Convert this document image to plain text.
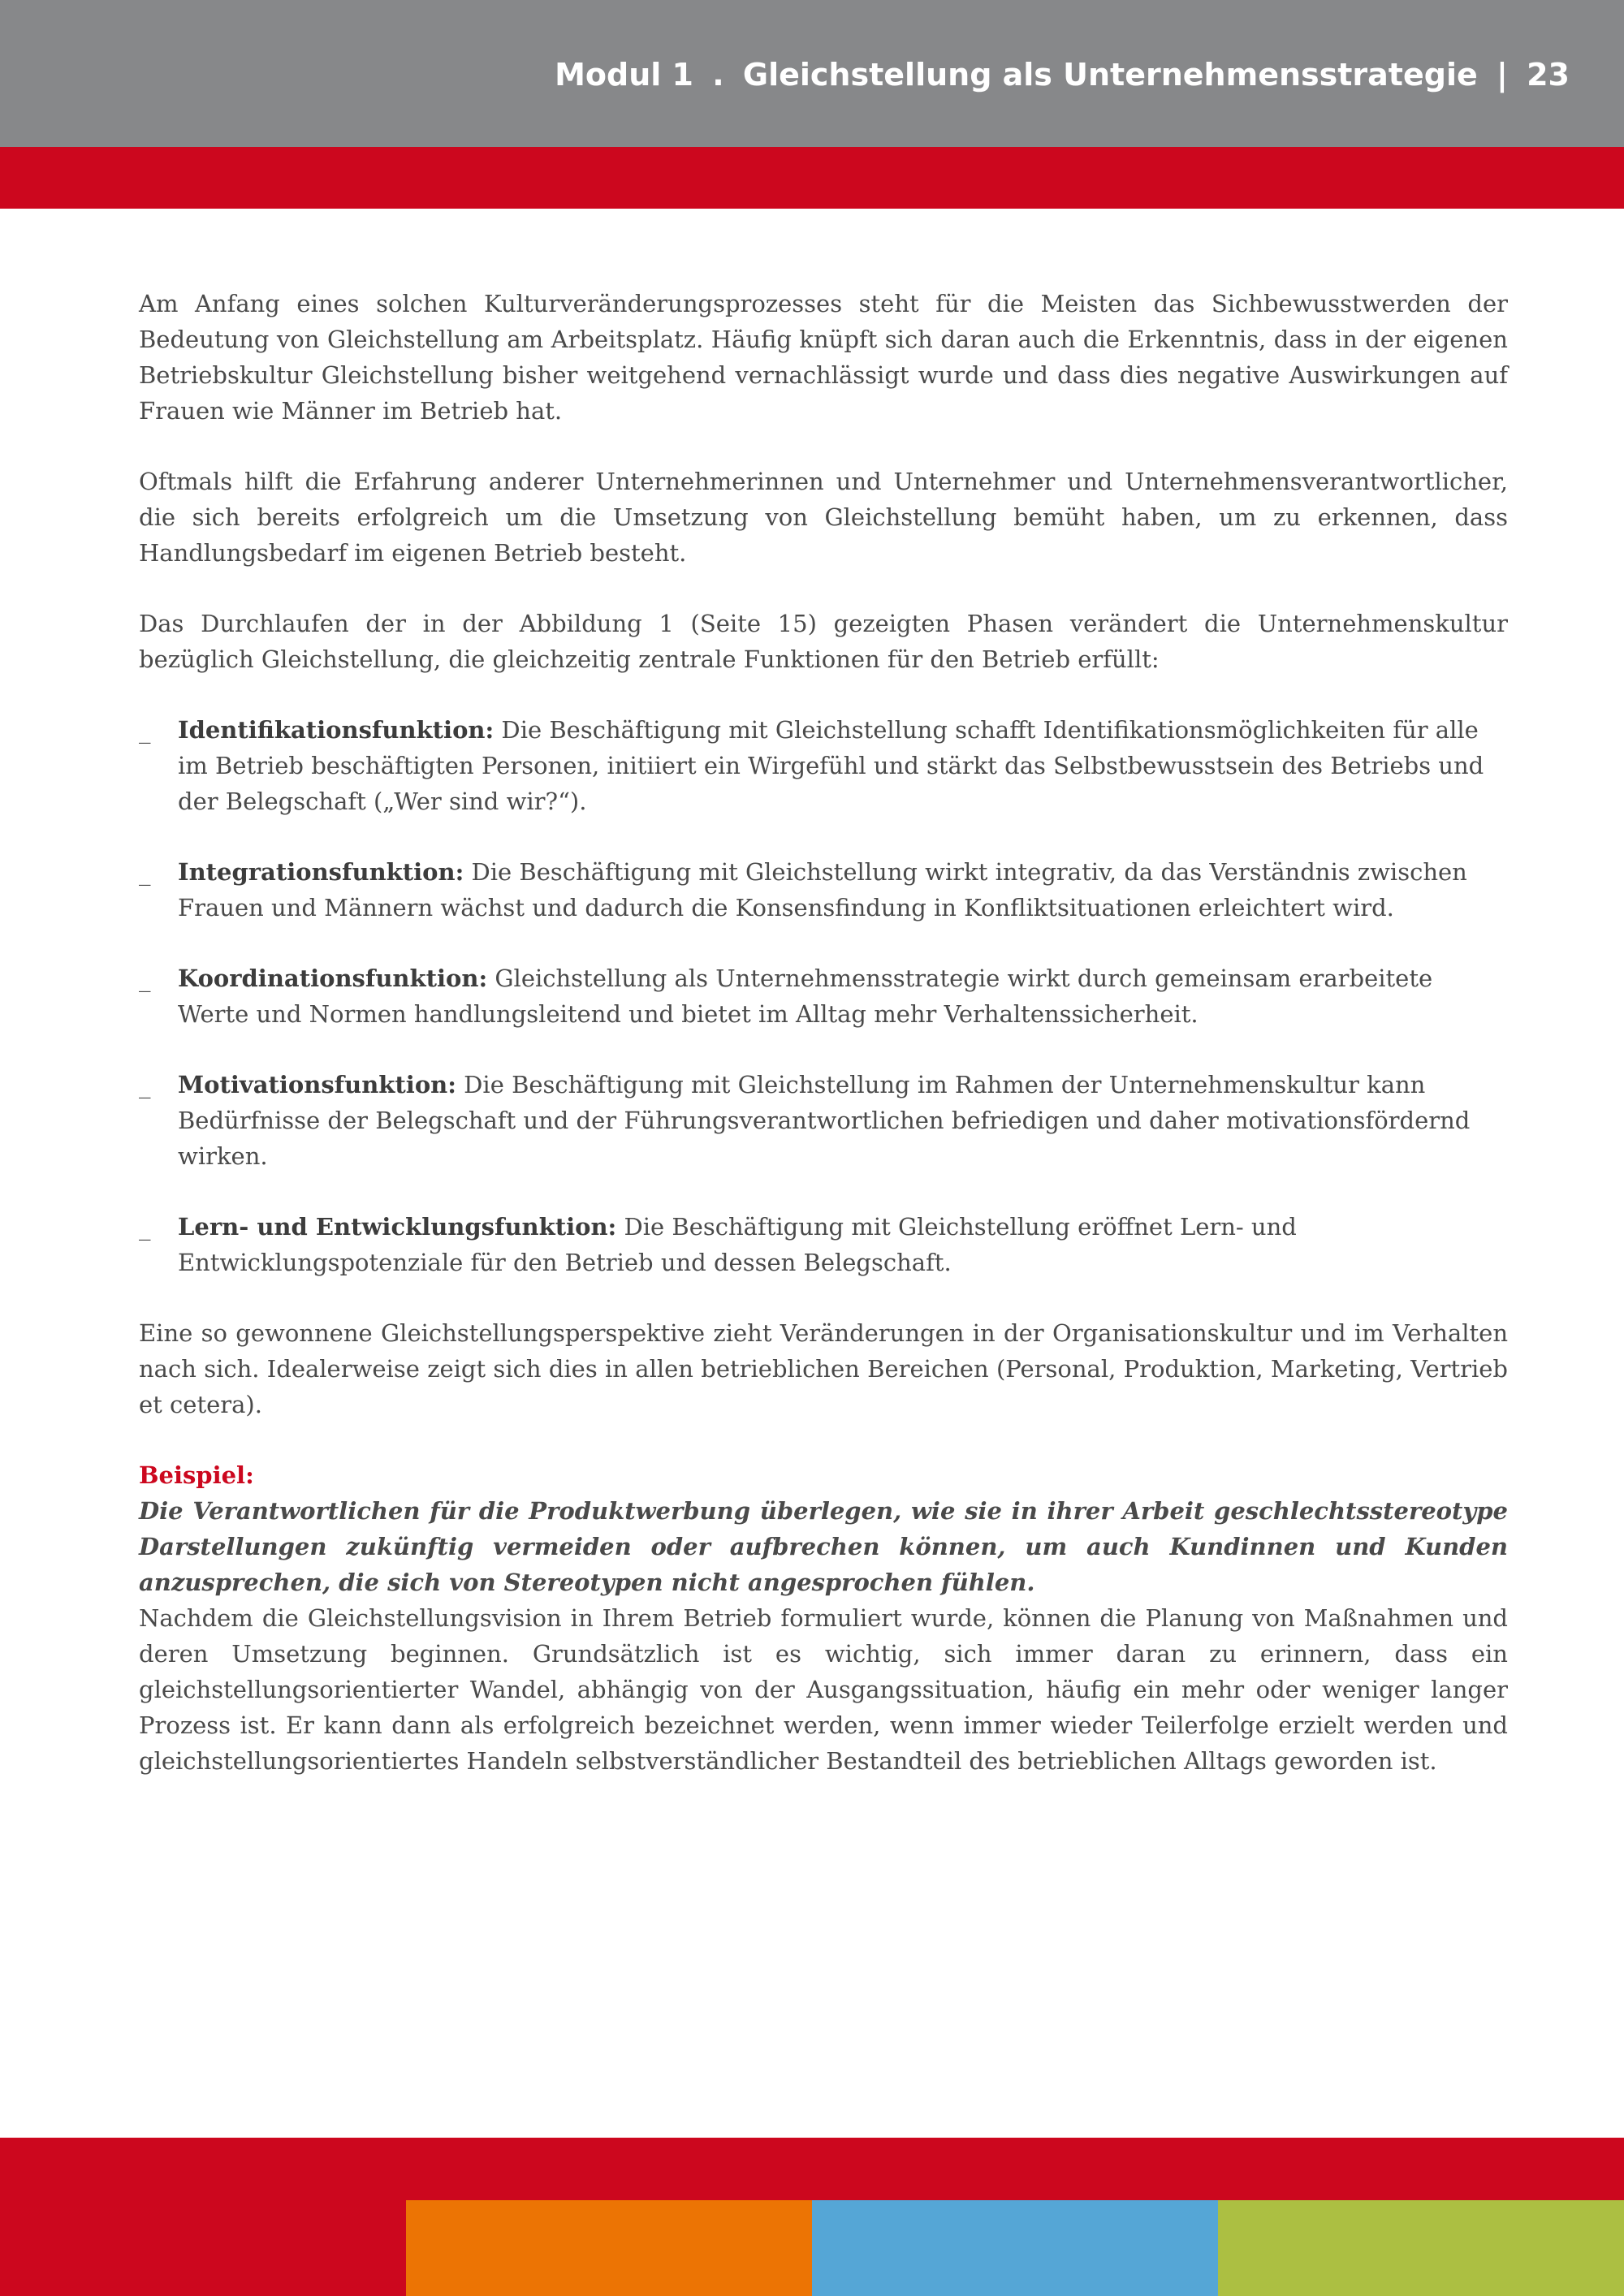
Modul 1 . Gleichstellung als Unternehmensstrategie | 23

Am Anfang eines solchen Kulturveränderungsprozesses steht für die Meisten das Sichbewusstwerden der Bedeutung von Gleichstellung am Arbeitsplatz. Häufig knüpft sich daran auch die Erkenntnis, dass in der eigenen Betriebskultur Gleichstellung bisher weitgehend vernachlässigt wurde und dass dies negative Auswirkungen auf Frauen wie Männer im Betrieb hat.

Oftmals hilft die Erfahrung anderer Unternehmerinnen und Unternehmer und Unternehmensverantwortlicher, die sich bereits erfolgreich um die Umsetzung von Gleichstellung bemüht haben, um zu erkennen, dass Handlungsbedarf im eigenen Betrieb besteht.

Das Durchlaufen der in der Abbildung 1 (Seite 15) gezeigten Phasen verändert die Unternehmenskultur bezüglich Gleichstellung, die gleichzeitig zentrale Funktionen für den Betrieb erfüllt:

_ Identifikationsfunktion: Die Beschäftigung mit Gleichstellung schafft Identifikationsmöglichkeiten für alle im Betrieb beschäftigten Personen, initiiert ein Wirgefühl und stärkt das Selbstbewusstsein des Betriebs und der Belegschaft („Wer sind wir?“).
_ Integrationsfunktion: Die Beschäftigung mit Gleichstellung wirkt integrativ, da das Verständnis zwischen Frauen und Männern wächst und dadurch die Konsensfindung in Konfliktsituationen erleichtert wird.
_ Koordinationsfunktion: Gleichstellung als Unternehmensstrategie wirkt durch gemeinsam erarbeitete Werte und Normen handlungsleitend und bietet im Alltag mehr Verhaltenssicherheit.
_ Motivationsfunktion: Die Beschäftigung mit Gleichstellung im Rahmen der Unternehmenskultur kann Bedürfnisse der Belegschaft und der Führungsverantwortlichen befriedigen und daher motivationsfördernd wirken.
_ Lern- und Entwicklungsfunktion: Die Beschäftigung mit Gleichstellung eröffnet Lern- und Entwicklungspotenziale für den Betrieb und dessen Belegschaft.

Eine so gewonnene Gleichstellungsperspektive zieht Veränderungen in der Organisationskultur und im Verhalten nach sich. Idealerweise zeigt sich dies in allen betrieblichen Bereichen (Personal, Produktion, Marketing, Vertrieb et cetera).

Beispiel:

Die Verantwortlichen für die Produktwerbung überlegen, wie sie in ihrer Arbeit geschlechtsstereotype Darstellungen zukünftig vermeiden oder aufbrechen können, um auch Kundinnen und Kunden anzusprechen, die sich von Stereotypen nicht angesprochen fühlen.

Nachdem die Gleichstellungsvision in Ihrem Betrieb formuliert wurde, können die Planung von Maßnahmen und deren Umsetzung beginnen. Grundsätzlich ist es wichtig, sich immer daran zu erinnern, dass ein gleichstellungsorientierter Wandel, abhängig von der Ausgangssituation, häufig ein mehr oder weniger langer Prozess ist. Er kann dann als erfolgreich bezeichnet werden, wenn immer wieder Teilerfolge erzielt werden und gleichstellungsorientiertes Handeln selbstverständlicher Bestandteil des betrieblichen Alltags geworden ist.
